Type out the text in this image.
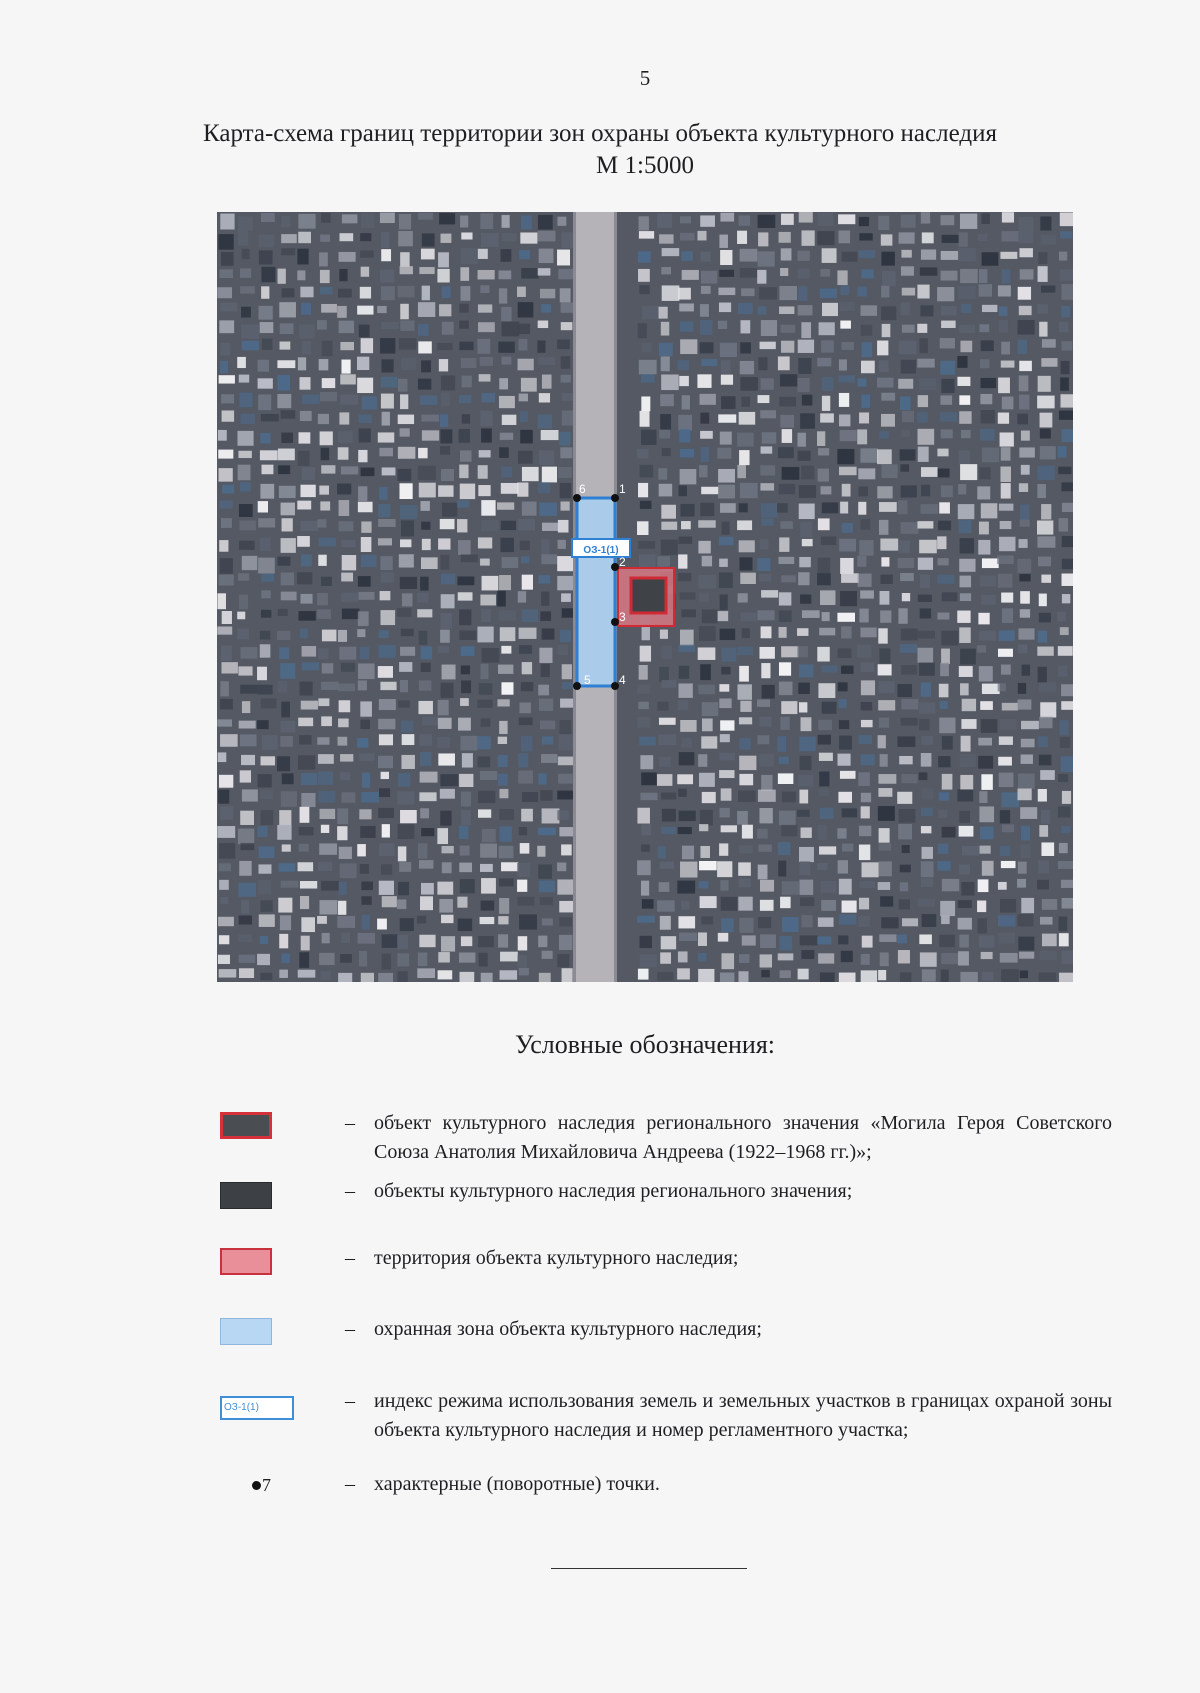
5
Карта-схема границ территории зон охраны объекта культурного наследия
М 1:5000
ОЗ-1(1)
6	1
2
3
4
5
Условные обозначения:
– объект культурного наследия регионального значения «Могила Героя Советского Союза Анатолия Михайловича Андреева (1922–1968 гг.)»;
– объекты культурного наследия регионального значения;
– территория объекта культурного наследия;
– охранная зона объекта культурного наследия;
ОЗ-1(1)	– индекс режима использования земель и земельных участков в границах охраной зоны объекта культурного наследия и номер регламентного участка;
7	– характерные (поворотные) точки.
